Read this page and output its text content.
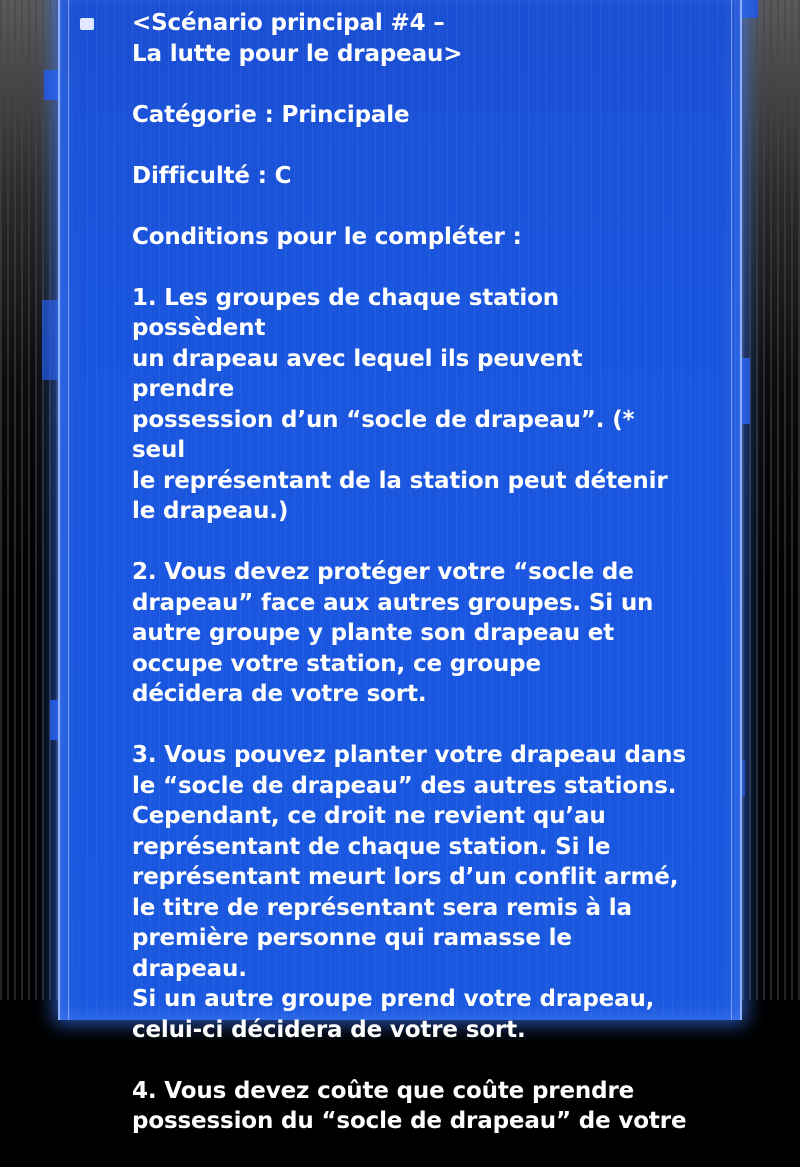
<Scénario principal #4 –
La lutte pour le drapeau>

Catégorie : Principale

Difficulté : C

Conditions pour le compléter :

1. Les groupes de chaque station possèdent
un drapeau avec lequel ils peuvent prendre
possession d’un “socle de drapeau”. (* seul
le représentant de la station peut détenir
le drapeau.)

2. Vous devez protéger votre “socle de
drapeau” face aux autres groupes. Si un
autre groupe y plante son drapeau et
occupe votre station, ce groupe
décidera de votre sort.

3. Vous pouvez planter votre drapeau dans
le “socle de drapeau” des autres stations.
Cependant, ce droit ne revient qu’au
représentant de chaque station. Si le
représentant meurt lors d’un conflit armé,
le titre de représentant sera remis à la
première personne qui ramasse le drapeau.
Si un autre groupe prend votre drapeau,
celui-ci décidera de votre sort.

4. Vous devez coûte que coûte prendre
possession du “socle de drapeau” de votre
